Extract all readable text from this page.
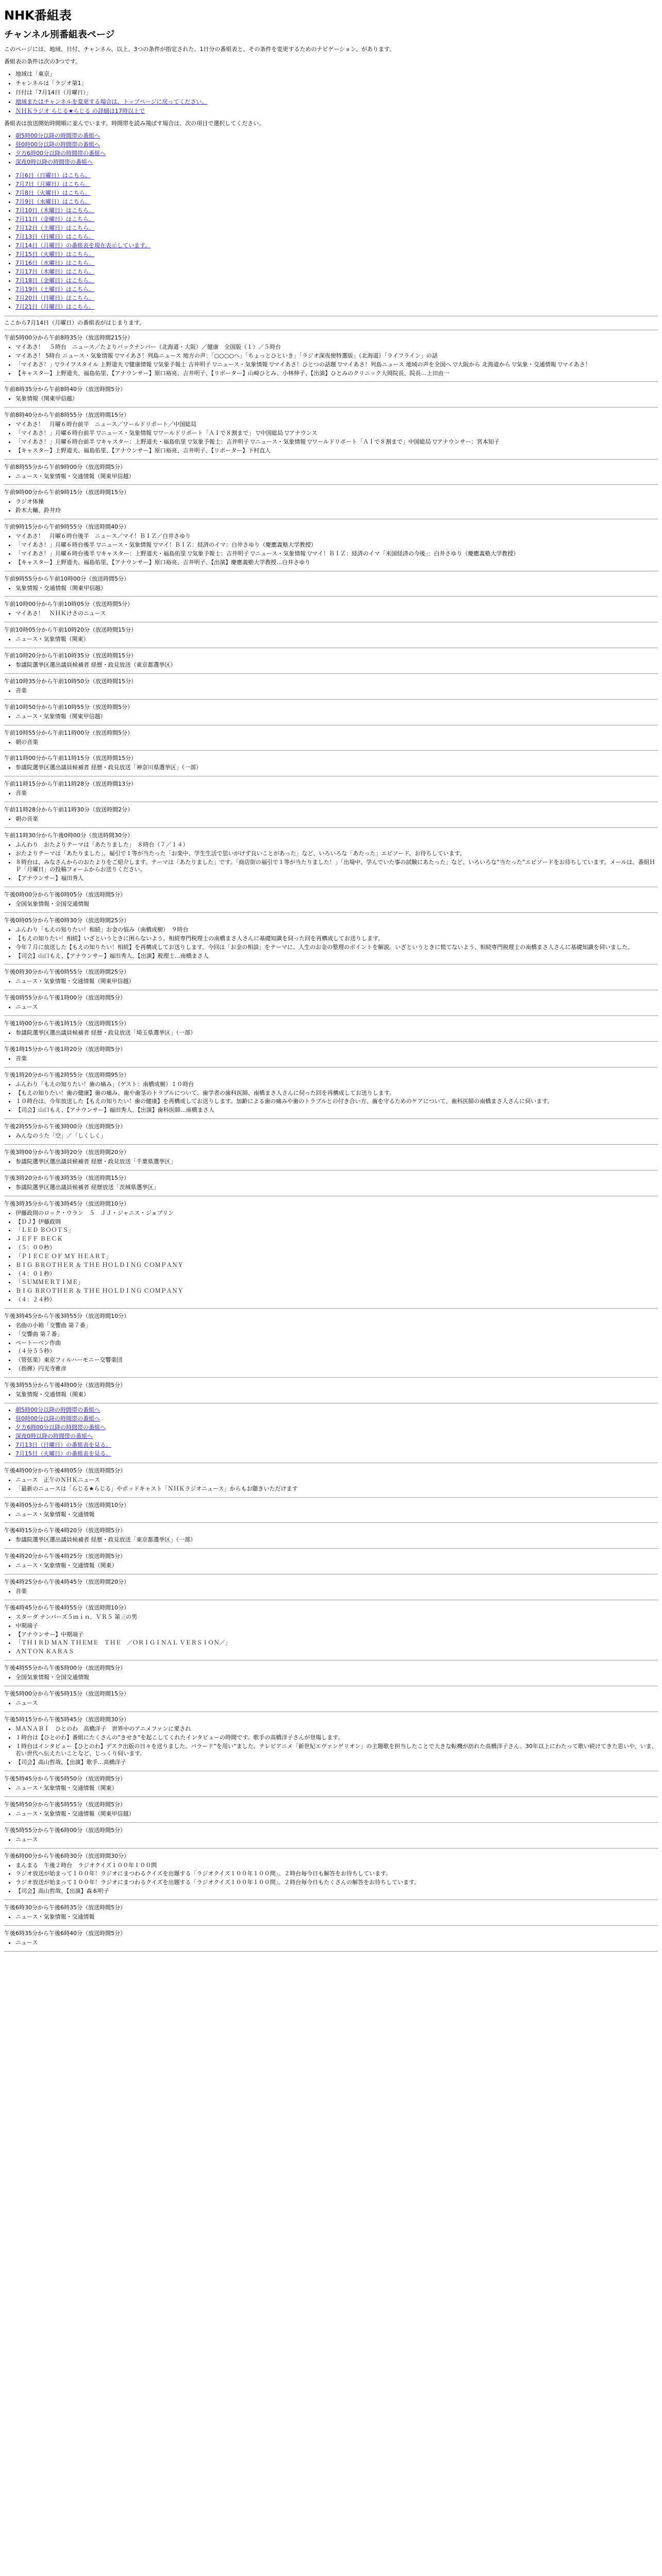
NHK番組表
チャンネル別番組表ページ

このページには、地域、日付、チャンネル、以上、3つの条件が指定された、1日分の番組表と、その条件を変更するためのナビゲーション、があります。

番組表の条件は次の3つです。

• 地域は「東京」
• チャンネルは「ラジオ第1」
• 日付は「7月14日（月曜日）」
• 地域またはチャンネルを変更する場合は、トップページに戻ってください。
• ＮＨＫラジオ らじる★らじる の詳細は17時以上で

番組表は放送開始時間順に並んでいます。時間帯を読み飛ばす場合は、次の項目で選択してください。

• 朝5時00分以降の時間帯の番組へ
• 昼0時00分以降の時間帯の番組へ
• 夕方6時00分以降の時間帯の番組へ
• 深夜0時以降の時間帯の番組へ
• 7月6日（日曜日）はこちら。
• 7月7日（月曜日）はこちら。
• 7月8日（火曜日）はこちら。
• 7月9日（水曜日）はこちら。
• 7月10日（木曜日）はこちら。
• 7月11日（金曜日）はこちら。
• 7月12日（土曜日）はこちら。
• 7月13日（日曜日）はこちら。
• 7月14日（月曜日）の番組表を現在表示しています。
• 7月15日（火曜日）はこちら。
• 7月16日（水曜日）はこちら。
• 7月17日（木曜日）はこちら。
• 7月18日（金曜日）はこちら。
• 7月19日（土曜日）はこちら。
• 7月20日（日曜日）はこちら。
• 7月21日（月曜日）はこちら。
ここから7月14日（月曜日）の番組表がはじまります。
午前5時00分から午前8時35分（放送時間215分）
• マイあさ！　５時台　ニュース／たよりバックナンバー（北海道・大阪）／健康　全国版（１）／５時台
• マイあさ！ 5時台 ニュース・気象情報 ▽マイあさ！列島ニュース 地方の声：「○○○○へ」「ちょっとひといき」「ラジオ深夜便特選版」（北海道）「ライフライン」の話
• 「マイあさ！」▽ライフスタイル 上野道夫 ▽健康情報 ▽気象予報士 吉井明子 ▽ニュース・気象情報 ▽マイあさ！ひとつの話題 ▽マイあさ！列島ニュース 地域の声を全国へ ▽大阪から 北海道から ▽気象・交通情報 ▽マイあさ！
• 【キャスター】上野道夫、福島佑里、【アナウンサー】原口裕亮、吉井明子、【リポーター】山崎ひとみ、小林伸子、【出演】ひとみのクリニック大岡院長、院長…上田由一
午前8時35分から午前8時40分（放送時間5分）
• 気象情報（関東甲信越）
午前8時40分から午前8時55分（放送時間15分）
• マイあさ！　月曜６時台前半　ニュース／ワールドリポート／中国総局
• 「マイあさ！」月曜６時台前半 ▽ニュース・気象情報 ▽ワールドリポート「ＡＩで８割まで」 ▽中国総局 ▽アナウンス
• 「マイあさ！」月曜６時台前半 ▽キャスター：上野道夫・福島佑里 ▽気象予報士：吉井明子 ▽ニュース・気象情報 ▽ワールドリポート「ＡＩで８割まで」中国総局 ▽アナウンサー：宮本知子
• 【キャスター】上野道夫、福島佑里、【アナウンサー】原口裕亮、吉井明子、【リポーター】下村直人
午前8時55分から午前9時00分（放送時間5分）
• ニュース・気象情報・交通情報（関東甲信越）
午前9時00分から午前9時15分（放送時間15分）
• ラジオ体操
• 鈴木大輔、鈴井玲
午前9時15分から午前9時55分（放送時間40分）
• マイあさ！　月曜６時台後半　ニュース／マイ！ＢＩＺ／白井さゆり
• 「マイあさ！」月曜６時台後半 ▽ニュース・気象情報 ▽マイ！ＢＩＺ：経済のイマ：白井さゆり（慶應義塾大学教授）
• 「マイあさ！」月曜６時台後半 ▽キャスター：上野道夫・福島佑里 ▽気象予報士：吉井明子 ▽ニュース・気象情報 ▽マイ！ＢＩＺ：経済のイマ「米国経済の今後」：白井さゆり（慶應義塾大学教授）
• 【キャスター】上野道夫、福島佑里、【アナウンサー】原口裕亮、吉井明子、【出演】慶應義塾大学教授…白井さゆり
午前9時55分から午前10時00分（放送時間5分）
• 気象情報・交通情報（関東甲信越）
午前10時00分から午前10時05分（放送時間5分）
• マイあさ！　ＮＨＫけさのニュース
午前10時05分から午前10時20分（放送時間15分）
• ニュース・気象情報（関東）
午前10時20分から午前10時35分（放送時間15分）
• 参議院選挙区選出議員候補者 経歴・政見放送（東京都選挙区）
午前10時35分から午前10時50分（放送時間15分）
• 音楽
午前10時50分から午前10時55分（放送時間5分）
• ニュース・気象情報（関東甲信越）
午前10時55分から午前11時00分（放送時間5分）
• 朝の音楽
午前11時00分から午前11時15分（放送時間15分）
• 参議院選挙区選出議員候補者 経歴・政見放送「神奈川県選挙区」（一部）
午前11時15分から午前11時28分（放送時間13分）
• 音楽
午前11時28分から午前11時30分（放送時間2分）
• 朝の音楽
午前11時30分から午後0時00分（放送時間30分）
• ふんわり　おたよりテーマは「あたりました」　８時台（７／１４）
• おたよりテーマは「あたりました」。福引で１等が当たった「お楽中、学生生活で思いがけず良いことがあった」など、いろいろな「あたった」エピソード、お待ちしています。
• ８時台は、みなさんからのおたよりをご紹介します。テーマは「あたりました」です。「商店街の福引で１等が当たりました！」「出場中、学んでいた事の試験にあたった」など、いろいろな“当たった”エピソードをお待ちしています。メールは、番組ＨＰ「月曜日」の投稿フォームからお送りください。
• 【アナウンサー】福田秀人
午後0時00分から午後0時05分（放送時間5分）
• 全国気象情報・全国交通情報
午後0時05分から午後0時30分（放送時間25分）
• ふんわり「もえの知りたい！相続」お金の悩み（南橋成樹）　９時台
• 【もえの知りたい！相続】いざというときに困らないよう、相続専門税理士の南橋まさ人さんに基礎知識を伺った回を再構成してお送りします。
• 今年７月に放送した【もえの知りたい！相続】を再構成してお送りします。今回は「お金の相談」をテーマに、人生のお金の整理のポイントを解説。いざというときに慌てないよう、相続専門税理士の南橋まさ人さんに基礎知識を伺いました。
• 【司会】山口もえ、【アナウンサー】福田秀人、【出演】税理士…南橋まさ人
午後0時30分から午後0時55分（放送時間25分）
• ニュース・気象情報・交通情報（関東甲信越）
午後0時55分から午後1時00分（放送時間5分）
• ニュース
午後1時00分から午後1時15分（放送時間15分）
• 参議院選挙区選出議員候補者 経歴・政見放送「埼玉県選挙区」（一部）
午後1時15分から午後1時20分（放送時間5分）
• 音楽
午後1時20分から午後2時55分（放送時間95分）
• ふんわり「もえの知りたい！歯の痛み」（ゲスト：南橋成樹）１０時台
• 【もえの知りたい！歯の健康】歯の痛み、歯や歯茎のトラブルについて、歯学者の歯科医師、南橋まさ人さんに伺った回を再構成してお送りします。
• １０時台は、今年放送した【もえの知りたい！歯の健康】を再構成してお送りします。加齢による歯の痛みや歯のトラブルとの付き合い方、歯を守るためのケアについて、歯科医師の南橋まさ人さんに伺います。
• 【司会】山口もえ、【アナウンサー】福田秀人、【出演】歯科医師…南橋まさ人
午後2時55分から午後3時00分（放送時間5分）
• みんなのうた「空」／「しくしく」
午後3時00分から午後3時20分（放送時間20分）
• 参議院選挙区選出議員候補者 経歴・政見放送「千葉県選挙区」
午後3時20分から午後3時35分（放送時間15分）
• 参議院選挙区選出議員候補者 経歴放送「茨城県選挙区」
午後3時35分から午後3時45分（放送時間10分）
• 伊藤政則のロック・ウラン　５　ＪＪ・ジャニス・ジョプリン
• 【ＤＪ】伊藤政則
• 「ＬＥＤ ＢＯＯＴＳ」
• ＪＥＦＦ ＢＥＣＫ
• （５：００秒）
• 「ＰＩＥＣＥ ＯＦ ＭＹ ＨＥＡＲＴ」
• ＢＩＧ ＢＲＯＴＨＥＲ ＆ ＴＨＥ ＨＯＬＤＩＮＧ ＣＯＭＰＡＮＹ
• （４：０１秒）
• 「ＳＵＭＭＥＲＴＩＭＥ」
• ＢＩＧ ＢＲＯＴＨＥＲ ＆ ＴＨＥ ＨＯＬＤＩＮＧ ＣＯＭＰＡＮＹ
• （４：２４秒）
午後3時45分から午後3時55分（放送時間10分）
• 名曲の小箱「交響曲 第７番」
• 「交響曲 第７番」
• ベートーベン作曲
• （４分５５秒）
• （管弦楽）東京フィルハーモニー交響楽団
• （指揮）円光寺雅彦
午後3時55分から午後4時00分（放送時間5分）
• 気象情報・交通情報（関東）
• 朝5時00分以降の時間帯の番組へ
• 昼0時00分以降の時間帯の番組へ
• 夕方6時00分以降の時間帯の番組へ
• 深夜0時以降の時間帯の番組へ
• 7月13日（日曜日）の番組表を見る。
• 7月15日（火曜日）の番組表を見る。
午後4時00分から午後4時05分（放送時間5分）
• ニュース　正午のＮＨＫニュース
• 「最新のニュースは「らじる★らじる」やポッドキャスト「ＮＨＫラジオニュース」からもお聴きいただけます
午後4時05分から午後4時15分（放送時間10分）
• ニュース・気象情報・交通情報
午後4時15分から午後4時20分（放送時間5分）
• 参議院選挙区選出議員候補者 経歴・政見放送「東京都選挙区」（一部）
午後4時20分から午後4時25分（放送時間5分）
• ニュース・気象情報・交通情報（関東）
午後4時25分から午後4時45分（放送時間20分）
• 音楽
午後4時45分から午後4時55分（放送時間10分）
• スターダ ナンバーズ５ｍｉｎ．ＶＲ５ 第三の男
• 中期端子
• 【アナウンサー】中期端子
• 「ＴＨＩＲＤ ＭＡＮ ＴＨＥＭＥ　ＴＨＥ　／ＯＲＩＧＩＮＡＬ ＶＥＲＳＩＯＮ／」
• ＡＮＴＯＮ ＫＡＲＡＳ
午後4時55分から午後5時00分（放送時間5分）
• 全国気象情報・全国交通情報
午後5時00分から午後5時15分（放送時間15分）
• ニュース
午後5時15分から午後5時45分（放送時間30分）
• ＭＡＮＡＢＩ　ひとのわ　高橋洋子　世界中のアニメファンに愛され
• １時台は【ひとのわ】番組にたくさんの”きせき”を起こしてくれたインタビューの時間です。歌手の高橋洋子さんが登場します。
• １時台はインタビュー【ひとのわ】デスク出版の日々を送りました。バラード”を用い”ました。テレビアニメ「新世紀エヴァンゲリオン」の主題歌を担当したことで大きな転機が訪れた高橋洋子さん。30年以上にわたって歌い続けてきた思いや、いま、若い世代へ伝えたいことなど、じっくり伺います。
• 【司会】高山哲哉、【出演】歌手…高橋洋子
午後5時45分から午後5時50分（放送時間5分）
• ニュース・気象情報・交通情報（関東）
午後5時50分から午後5時55分（放送時間5分）
• ニュース・気象情報・交通情報（関東甲信越）
午後5時55分から午後6時00分（放送時間5分）
• ニュース
午後6時00分から午後6時30分（放送時間30分）
• まんまる　午後２時台　ラジオクイズ１００年１００問
• ラジオ放送が始まって１００年！ラジオにまつわるクイズを出題する「ラジオクイズ１００年１００問」。２時台毎今日も解答をお待ちしています。
• ラジオ放送が始まって１００年！ラジオにまつわるクイズを出題する「ラジオクイズ１００年１００問」。２時台毎今日もたくさんの解答をお待ちしています。
• 【司会】高山哲哉、【出演】森本明子
午後6時30分から午後6時35分（放送時間5分）
• ニュース・気象情報・交通情報
午後6時35分から午後6時40分（放送時間5分）
• ニュース
